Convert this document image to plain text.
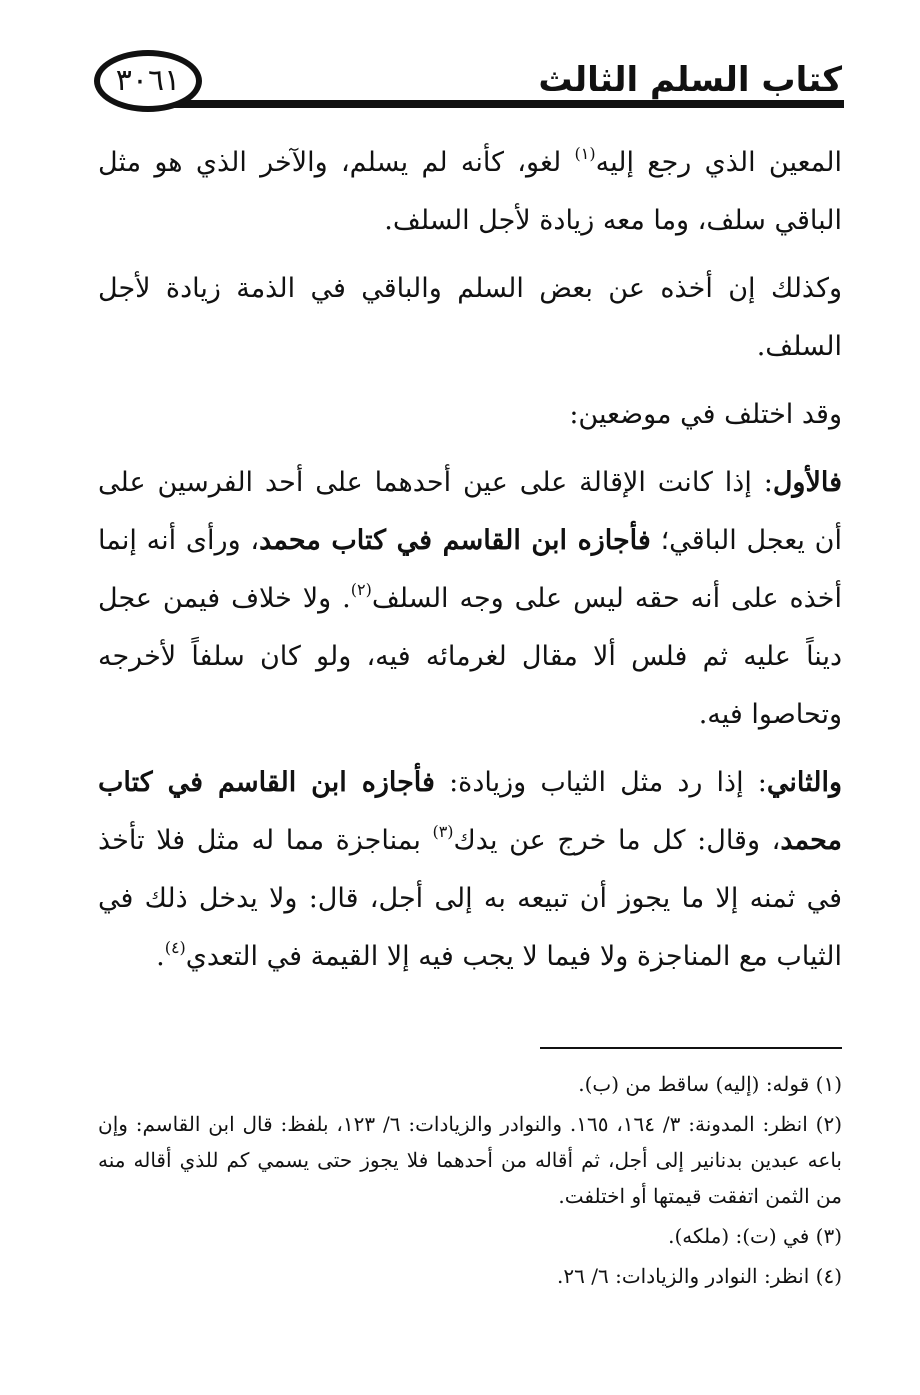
كتاب السلم الثالث
٣٠٦١

المعين الذي رجع إليه$^{(١)}$ لغو، كأنه لم يسلم، والآخر الذي هو مثل الباقي سلف، وما معه زيادة لأجل السلف.

وكذلك إن أخذه عن بعض السلم والباقي في الذمة زيادة لأجل السلف.

وقد اختلف في موضعين:

فالأول: إذا كانت الإقالة على عين أحدهما على أحد الفرسين على أن يعجل الباقي؛ فأجازه ابن القاسم في كتاب محمد، ورأى أنه إنما أخذه على أنه حقه ليس على وجه السلف$^{(٢)}$. ولا خلاف فيمن عجل ديناً عليه ثم فلس ألا مقال لغرمائه فيه، ولو كان سلفاً لأخرجه وتحاصوا فيه.

والثاني: إذا رد مثل الثياب وزيادة: فأجازه ابن القاسم في كتاب محمد، وقال: كل ما خرج عن يدك$^{(٣)}$ بمناجزة مما له مثل فلا تأخذ في ثمنه إلا ما يجوز أن تبيعه به إلى أجل، قال: ولا يدخل ذلك في الثياب مع المناجزة ولا فيما لا يجب فيه إلا القيمة في التعدي$^{(٤)}$.

(١) قوله: (إليه) ساقط من (ب).

(٢) انظر: المدونة: ٣/ ١٦٤، ١٦٥. والنوادر والزيادات: ٦/ ١٢٣، بلفظ: قال ابن القاسم: وإن باعه عبدين بدنانير إلى أجل، ثم أقاله من أحدهما فلا يجوز حتى يسمي كم للذي أقاله منه من الثمن اتفقت قيمتها أو اختلفت.

(٣) في (ت): (ملكه).

(٤) انظر: النوادر والزيادات: ٦/ ٢٦.
